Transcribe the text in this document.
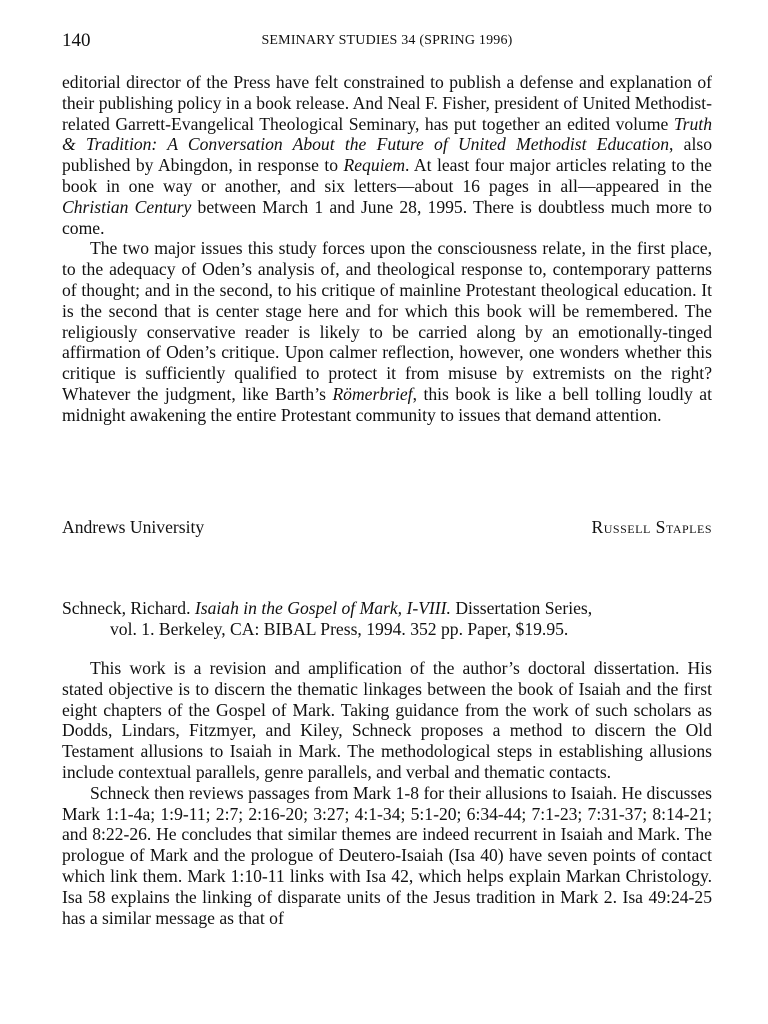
140	SEMINARY STUDIES 34 (SPRING 1996)

editorial director of the Press have felt constrained to publish a defense and explanation of their publishing policy in a book release. And Neal F. Fisher, president of United Methodist-related Garrett-Evangelical Theological Seminary, has put together an edited volume Truth & Tradition: A Conversation About the Future of United Methodist Education, also published by Abingdon, in response to Requiem. At least four major articles relating to the book in one way or another, and six letters—about 16 pages in all—appeared in the Christian Century between March 1 and June 28, 1995. There is doubtless much more to come.

The two major issues this study forces upon the consciousness relate, in the first place, to the adequacy of Oden’s analysis of, and theological response to, contemporary patterns of thought; and in the second, to his critique of mainline Protestant theological education. It is the second that is center stage here and for which this book will be remembered. The religiously conservative reader is likely to be carried along by an emotionally-tinged affirmation of Oden’s critique. Upon calmer reflection, however, one wonders whether this critique is sufficiently qualified to protect it from misuse by extremists on the right? Whatever the judgment, like Barth’s Römerbrief, this book is like a bell tolling loudly at midnight awakening the entire Protestant community to issues that demand attention.

Andrews University	Russell Staples
Schneck, Richard. Isaiah in the Gospel of Mark, I-VIII. Dissertation Series,
vol. 1. Berkeley, CA: BIBAL Press, 1994. 352 pp. Paper, $19.95.

This work is a revision and amplification of the author’s doctoral dissertation. His stated objective is to discern the thematic linkages between the book of Isaiah and the first eight chapters of the Gospel of Mark. Taking guidance from the work of such scholars as Dodds, Lindars, Fitzmyer, and Kiley, Schneck proposes a method to discern the Old Testament allusions to Isaiah in Mark. The methodological steps in establishing allusions include contextual parallels, genre parallels, and verbal and thematic contacts.

Schneck then reviews passages from Mark 1-8 for their allusions to Isaiah. He discusses Mark 1:1-4a; 1:9-11; 2:7; 2:16-20; 3:27; 4:1-34; 5:1-20; 6:34-44; 7:1-23; 7:31-37; 8:14-21; and 8:22-26. He concludes that similar themes are indeed recurrent in Isaiah and Mark. The prologue of Mark and the prologue of Deutero-Isaiah (Isa 40) have seven points of contact which link them. Mark 1:10-11 links with Isa 42, which helps explain Markan Christology. Isa 58 explains the linking of disparate units of the Jesus tradition in Mark 2. Isa 49:24-25 has a similar message as that of
